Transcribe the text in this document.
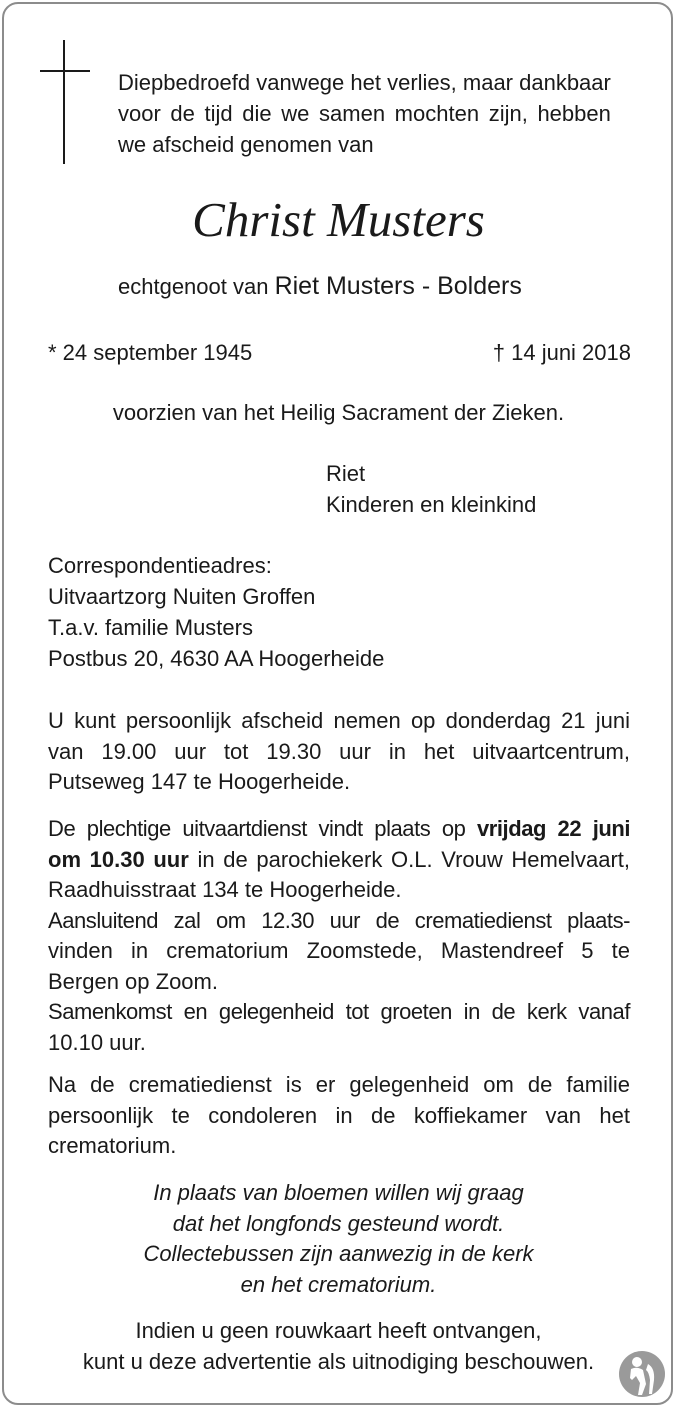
Diepbedroefd vanwege het verlies, maar dankbaar
voor de tijd die we samen mochten zijn, hebben
we afscheid genomen van
Christ Musters
echtgenoot van Riet Musters - Bolders
* 24 september 1945	† 14 juni 2018
voorzien van het Heilig Sacrament der Zieken.
Riet
Kinderen en kleinkind
Correspondentieadres:
Uitvaartzorg Nuiten Groffen
T.a.v. familie Musters
Postbus 20, 4630 AA Hoogerheide
U kunt persoonlijk afscheid nemen op donderdag 21 juni
van 19.00 uur tot 19.30 uur in het uitvaartcentrum,
Putseweg 147 te Hoogerheide.
De plechtige uitvaartdienst vindt plaats op vrijdag 22 juni
om 10.30 uur in de parochiekerk O.L. Vrouw Hemelvaart,
Raadhuisstraat 134 te Hoogerheide.
Aansluitend zal om 12.30 uur de crematiedienst plaats-
vinden in crematorium Zoomstede, Mastendreef 5 te
Bergen op Zoom.
Samenkomst en gelegenheid tot groeten in de kerk vanaf
10.10 uur.
Na de crematiedienst is er gelegenheid om de familie
persoonlijk te condoleren in de koffiekamer van het
crematorium.
In plaats van bloemen willen wij graag
dat het longfonds gesteund wordt.
Collectebussen zijn aanwezig in de kerk
en het crematorium.
Indien u geen rouwkaart heeft ontvangen,
kunt u deze advertentie als uitnodiging beschouwen.
